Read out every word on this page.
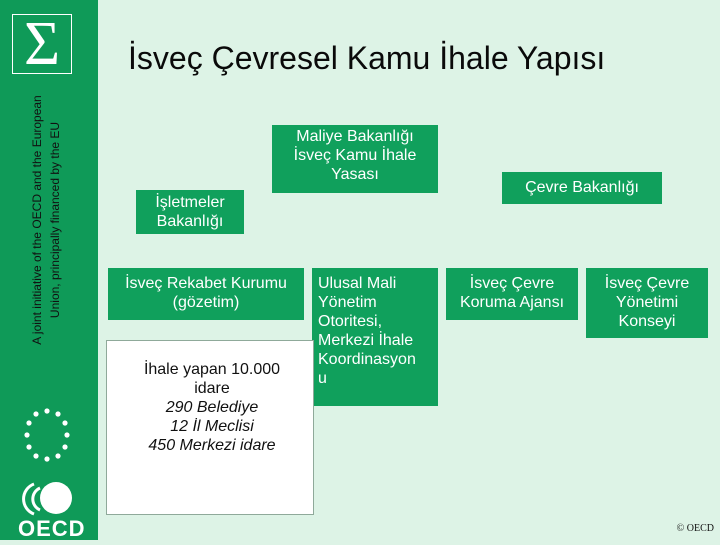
Σ
A joint initiative of the OECD and the European Union, principally financed by the EU
OECD
İsveç Çevresel Kamu İhale Yapısı
İşletmeler
Bakanlığı
Maliye Bakanlığı
İsveç Kamu İhale
Yasası
Çevre Bakanlığı
İsveç Rekabet Kurumu
(gözetim)
Ulusal Mali
Yönetim
Otoritesi,
Merkezi İhale
Koordinasyon
u
İsveç Çevre
Koruma Ajansı
İsveç Çevre
Yönetimi
Konseyi
İhale yapan 10.000
idare
290 Belediye
12 İl Meclisi
450 Merkezi idare
© OECD
